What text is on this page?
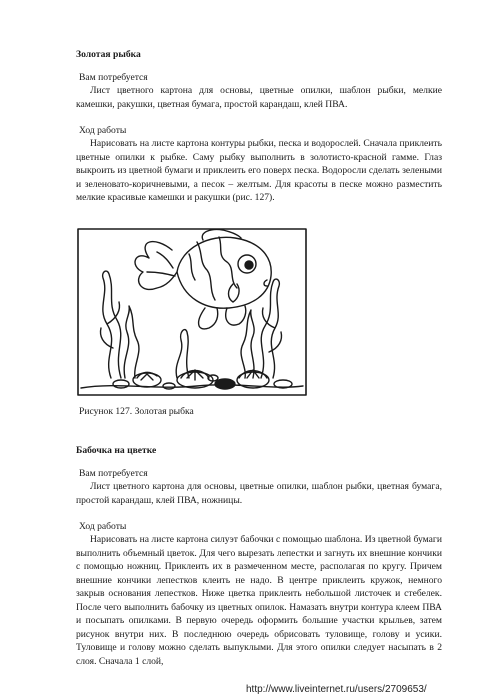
Золотая рыбка
Вам потребуется

Лист цветного картона для основы, цветные опилки, шаблон рыбки, мелкие камешки, ракушки, цветная бумага, простой карандаш, клей ПВА.

Ход работы

Нарисовать на листе картона контуры рыбки, песка и водорослей. Сначала приклеить цветные опилки к рыбке. Саму рыбку выполнить в золотисто-красной гамме. Глаз выкроить из цветной бумаги и приклеить его поверх песка. Водоросли сделать зелеными и зеленовато-коричневыми, а песок – желтым. Для красоты в песке можно разместить мелкие красивые камешки и ракушки (рис. 127).

Рисунок 127. Золотая рыбка
Бабочка на цветке
Вам потребуется

Лист цветного картона для основы, цветные опилки, шаблон рыбки, цветная бумага, простой карандаш, клей ПВА, ножницы.

Ход работы

Нарисовать на листе картона силуэт бабочки с помощью шаблона. Из цветной бумаги выполнить объемный цветок. Для чего вырезать лепестки и загнуть их внешние кончики с помощью ножниц. Приклеить их в размеченном месте, располагая по кругу. Причем внешние кончики лепестков клеить не надо. В центре приклеить кружок, немного закрыв основания лепестков. Ниже цветка приклеить небольшой листочек и стебелек. После чего выполнить бабочку из цветных опилок. Намазать внутри контура клеем ПВА и посыпать опилками. В первую очередь оформить большие участки крыльев, затем рисунок внутри них. В последнюю очередь обрисовать туловище, голову и усики. Туловище и голову можно сделать выпуклыми. Для этого опилки следует насыпать в 2 слоя. Сначала 1 слой,

http://www.liveinternet.ru/users/2709653/
